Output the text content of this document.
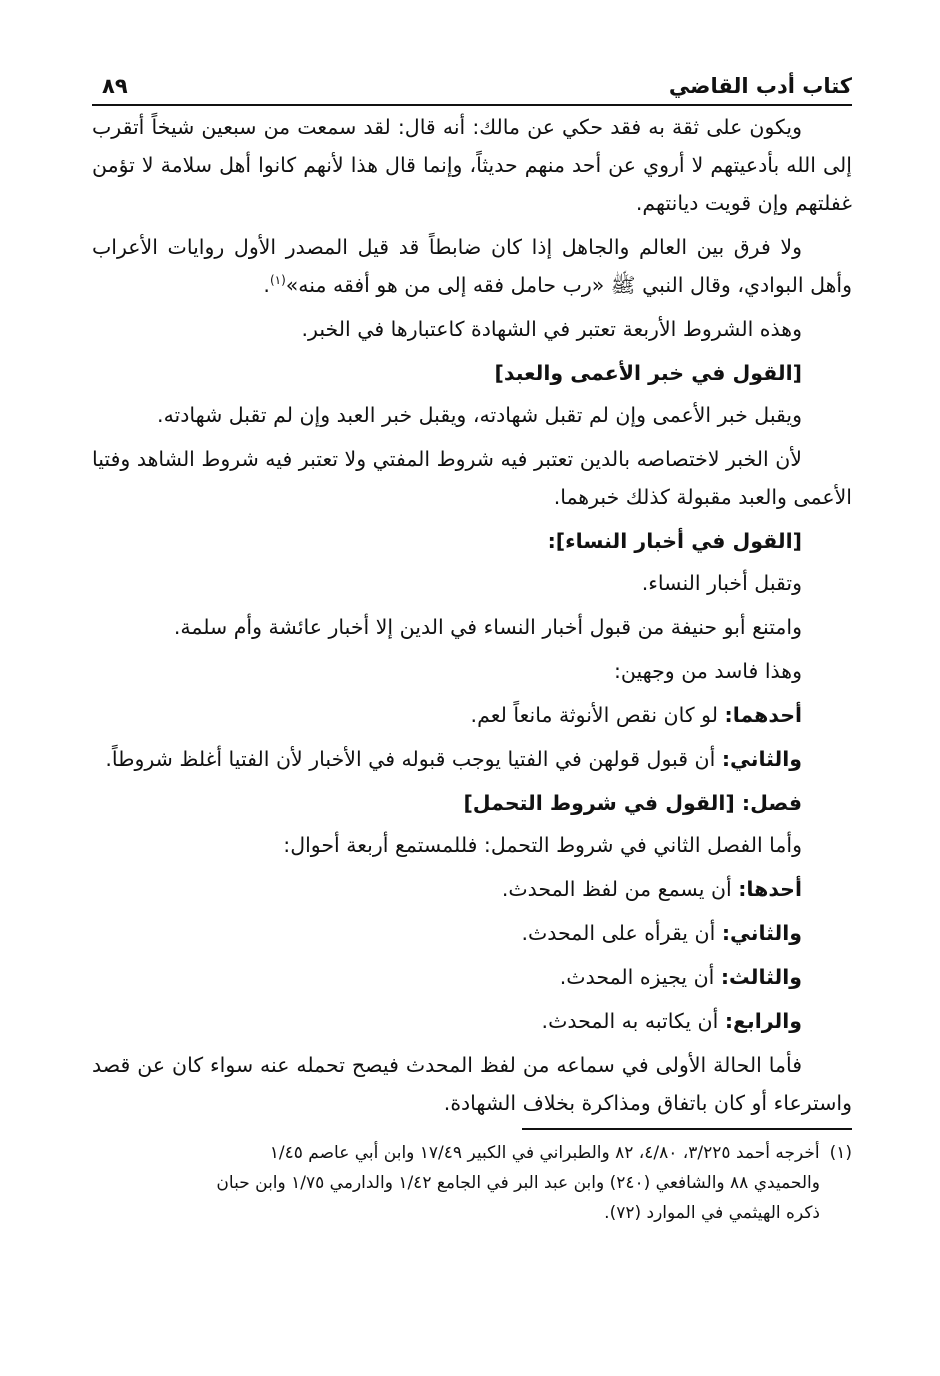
كتاب أدب القاضي
٨٩

ويكون على ثقة به فقد حكي عن مالك: أنه قال: لقد سمعت من سبعين شيخاً أتقرب إلى الله بأدعيتهم لا أروي عن أحد منهم حديثاً، وإنما قال هذا لأنهم كانوا أهل سلامة لا تؤمن غفلتهم وإن قويت ديانتهم.

ولا فرق بين العالم والجاهل إذا كان ضابطاً قد قيل المصدر الأول روايات الأعراب وأهل البوادي، وقال النبي ﷺ «رب حامل فقه إلى من هو أفقه منه»$^{(١)}$.

وهذه الشروط الأربعة تعتبر في الشهادة كاعتبارها في الخبر.

[القول في خبر الأعمى والعبد]

ويقبل خبر الأعمى وإن لم تقبل شهادته، ويقبل خبر العبد وإن لم تقبل شهادته.

لأن الخبر لاختصاصه بالدين تعتبر فيه شروط المفتي ولا تعتبر فيه شروط الشاهد وفتيا الأعمى والعبد مقبولة كذلك خبرهما.

[القول في أخبار النساء]:

وتقبل أخبار النساء.

وامتنع أبو حنيفة من قبول أخبار النساء في الدين إلا أخبار عائشة وأم سلمة.

وهذا فاسد من وجهين:

أحدهما: لو كان نقص الأنوثة مانعاً لعم.

والثاني: أن قبول قولهن في الفتيا يوجب قبوله في الأخبار لأن الفتيا أغلظ شروطاً.

فصل: [القول في شروط التحمل]

وأما الفصل الثاني في شروط التحمل: فللمستمع أربعة أحوال:

أحدها: أن يسمع من لفظ المحدث.

والثاني: أن يقرأه على المحدث.

والثالث: أن يجيزه المحدث.

والرابع: أن يكاتبه به المحدث.

فأما الحالة الأولى في سماعه من لفظ المحدث فيصح تحمله عنه سواء كان عن قصد واسترعاء أو كان باتفاق ومذاكرة بخلاف الشهادة.

(١)أخرجه أحمد ٣/٢٢٥، ٤/٨٠، ٨٢ والطبراني في الكبير ١٧/٤٩ وابن أبي عاصم ١/٤٥
والحميدي ٨٨ والشافعي (٢٤٠) وابن عبد البر في الجامع ١/٤٢ والدارمي ١/٧٥ وابن حبان
ذكره الهيثمي في الموارد (٧٢).
